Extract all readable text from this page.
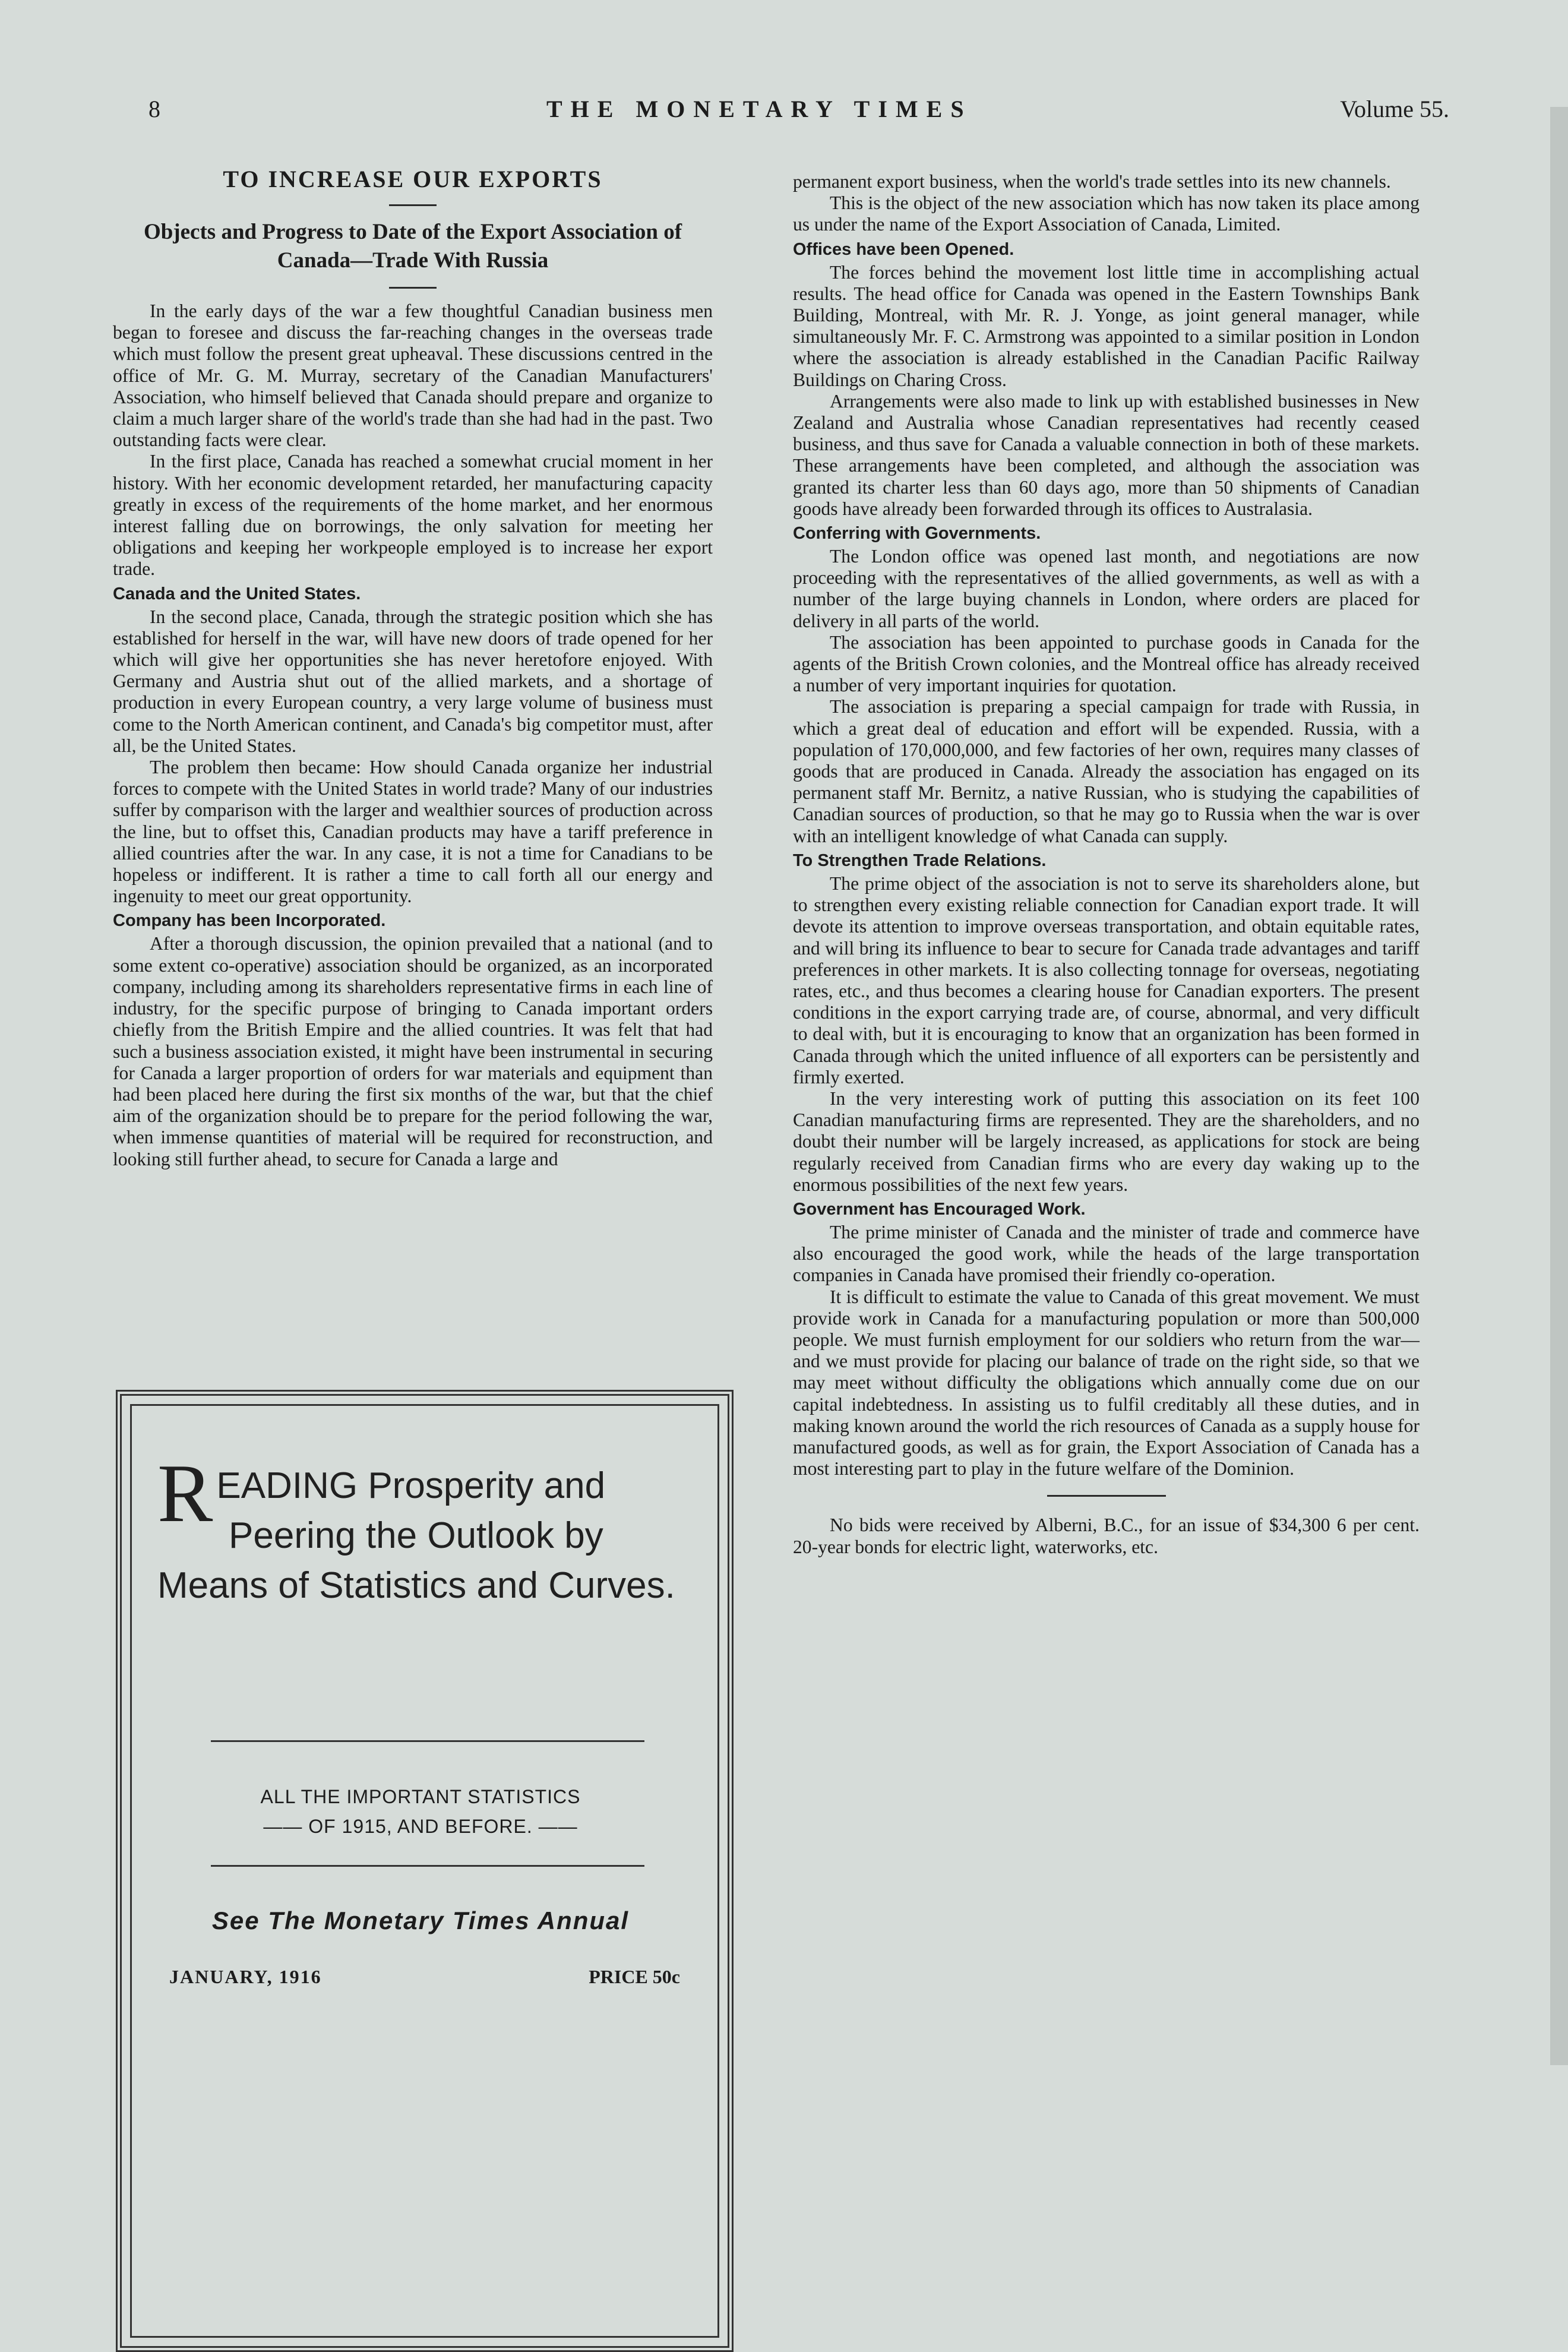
8	THE MONETARY TIMES	Volume 55.
TO INCREASE OUR EXPORTS
Objects and Progress to Date of the Export Association of Canada—Trade With Russia

In the early days of the war a few thoughtful Canadian business men began to foresee and discuss the far-reaching changes in the overseas trade which must follow the present great upheaval. These discussions centred in the office of Mr. G. M. Murray, secretary of the Canadian Manufacturers' Association, who himself believed that Canada should prepare and organize to claim a much larger share of the world's trade than she had had in the past. Two outstanding facts were clear.

In the first place, Canada has reached a somewhat crucial moment in her history. With her economic development retarded, her manufacturing capacity greatly in excess of the requirements of the home market, and her enormous interest falling due on borrowings, the only salvation for meeting her obligations and keeping her workpeople employed is to increase her export trade.

Canada and the United States.

In the second place, Canada, through the strategic position which she has established for herself in the war, will have new doors of trade opened for her which will give her opportunities she has never heretofore enjoyed. With Germany and Austria shut out of the allied markets, and a shortage of production in every European country, a very large volume of business must come to the North American continent, and Canada's big competitor must, after all, be the United States.

The problem then became: How should Canada organize her industrial forces to compete with the United States in world trade? Many of our industries suffer by comparison with the larger and wealthier sources of production across the line, but to offset this, Canadian products may have a tariff preference in allied countries after the war. In any case, it is not a time for Canadians to be hopeless or indifferent. It is rather a time to call forth all our energy and ingenuity to meet our great opportunity.

Company has been Incorporated.

After a thorough discussion, the opinion prevailed that a national (and to some extent co-operative) association should be organized, as an incorporated company, including among its shareholders representative firms in each line of industry, for the specific purpose of bringing to Canada important orders chiefly from the British Empire and the allied countries. It was felt that had such a business association existed, it might have been instrumental in securing for Canada a larger proportion of orders for war materials and equipment than had been placed here during the first six months of the war, but that the chief aim of the organization should be to prepare for the period following the war, when immense quantities of material will be required for reconstruction, and looking still further ahead, to secure for Canada a large and

R EADING Prosperity and
Peering the Outlook by
Means of Statistics and Curves.
ALL THE IMPORTANT STATISTICS
—— OF 1915, AND BEFORE. ——
See The Monetary Times Annual
JANUARY, 1916	PRICE 50c

permanent export business, when the world's trade settles into its new channels.

This is the object of the new association which has now taken its place among us under the name of the Export Association of Canada, Limited.

Offices have been Opened.

The forces behind the movement lost little time in accomplishing actual results. The head office for Canada was opened in the Eastern Townships Bank Building, Montreal, with Mr. R. J. Yonge, as joint general manager, while simultaneously Mr. F. C. Armstrong was appointed to a similar position in London where the association is already established in the Canadian Pacific Railway Buildings on Charing Cross.

Arrangements were also made to link up with established businesses in New Zealand and Australia whose Canadian representatives had recently ceased business, and thus save for Canada a valuable connection in both of these markets. These arrangements have been completed, and although the association was granted its charter less than 60 days ago, more than 50 shipments of Canadian goods have already been forwarded through its offices to Australasia.

Conferring with Governments.

The London office was opened last month, and negotiations are now proceeding with the representatives of the allied governments, as well as with a number of the large buying channels in London, where orders are placed for delivery in all parts of the world.

The association has been appointed to purchase goods in Canada for the agents of the British Crown colonies, and the Montreal office has already received a number of very important inquiries for quotation.

The association is preparing a special campaign for trade with Russia, in which a great deal of education and effort will be expended. Russia, with a population of 170,000,000, and few factories of her own, requires many classes of goods that are produced in Canada. Already the association has engaged on its permanent staff Mr. Bernitz, a native Russian, who is studying the capabilities of Canadian sources of production, so that he may go to Russia when the war is over with an intelligent knowledge of what Canada can supply.

To Strengthen Trade Relations.

The prime object of the association is not to serve its shareholders alone, but to strengthen every existing reliable connection for Canadian export trade. It will devote its attention to improve overseas transportation, and obtain equitable rates, and will bring its influence to bear to secure for Canada trade advantages and tariff preferences in other markets. It is also collecting tonnage for overseas, negotiating rates, etc., and thus becomes a clearing house for Canadian exporters. The present conditions in the export carrying trade are, of course, abnormal, and very difficult to deal with, but it is encouraging to know that an organization has been formed in Canada through which the united influence of all exporters can be persistently and firmly exerted.

In the very interesting work of putting this association on its feet 100 Canadian manufacturing firms are represented. They are the shareholders, and no doubt their number will be largely increased, as applications for stock are being regularly received from Canadian firms who are every day waking up to the enormous possibilities of the next few years.

Government has Encouraged Work.

The prime minister of Canada and the minister of trade and commerce have also encouraged the good work, while the heads of the large transportation companies in Canada have promised their friendly co-operation.

It is difficult to estimate the value to Canada of this great movement. We must provide work in Canada for a manufacturing population or more than 500,000 people. We must furnish employment for our soldiers who return from the war—and we must provide for placing our balance of trade on the right side, so that we may meet without difficulty the obligations which annually come due on our capital indebtedness. In assisting us to fulfil creditably all these duties, and in making known around the world the rich resources of Canada as a supply house for manufactured goods, as well as for grain, the Export Association of Canada has a most interesting part to play in the future welfare of the Dominion.

No bids were received by Alberni, B.C., for an issue of $34,300 6 per cent. 20-year bonds for electric light, waterworks, etc.
